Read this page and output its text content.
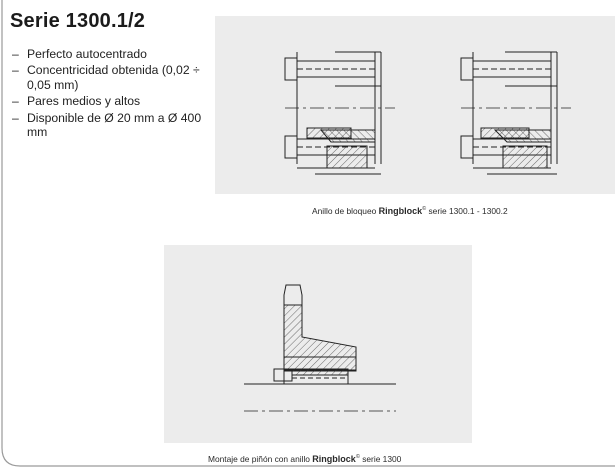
Serie 1300.1/2
– Perfecto autocentrado
– Concentricidad obtenida (0,02 ÷ 0,05 mm)
– Pares medios y altos
– Disponible de Ø 20 mm a Ø 400 mm
Anillo de bloqueo Ringblock© serie 1300.1 - 1300.2
Montaje de piñón con anillo Ringblock© serie 1300
